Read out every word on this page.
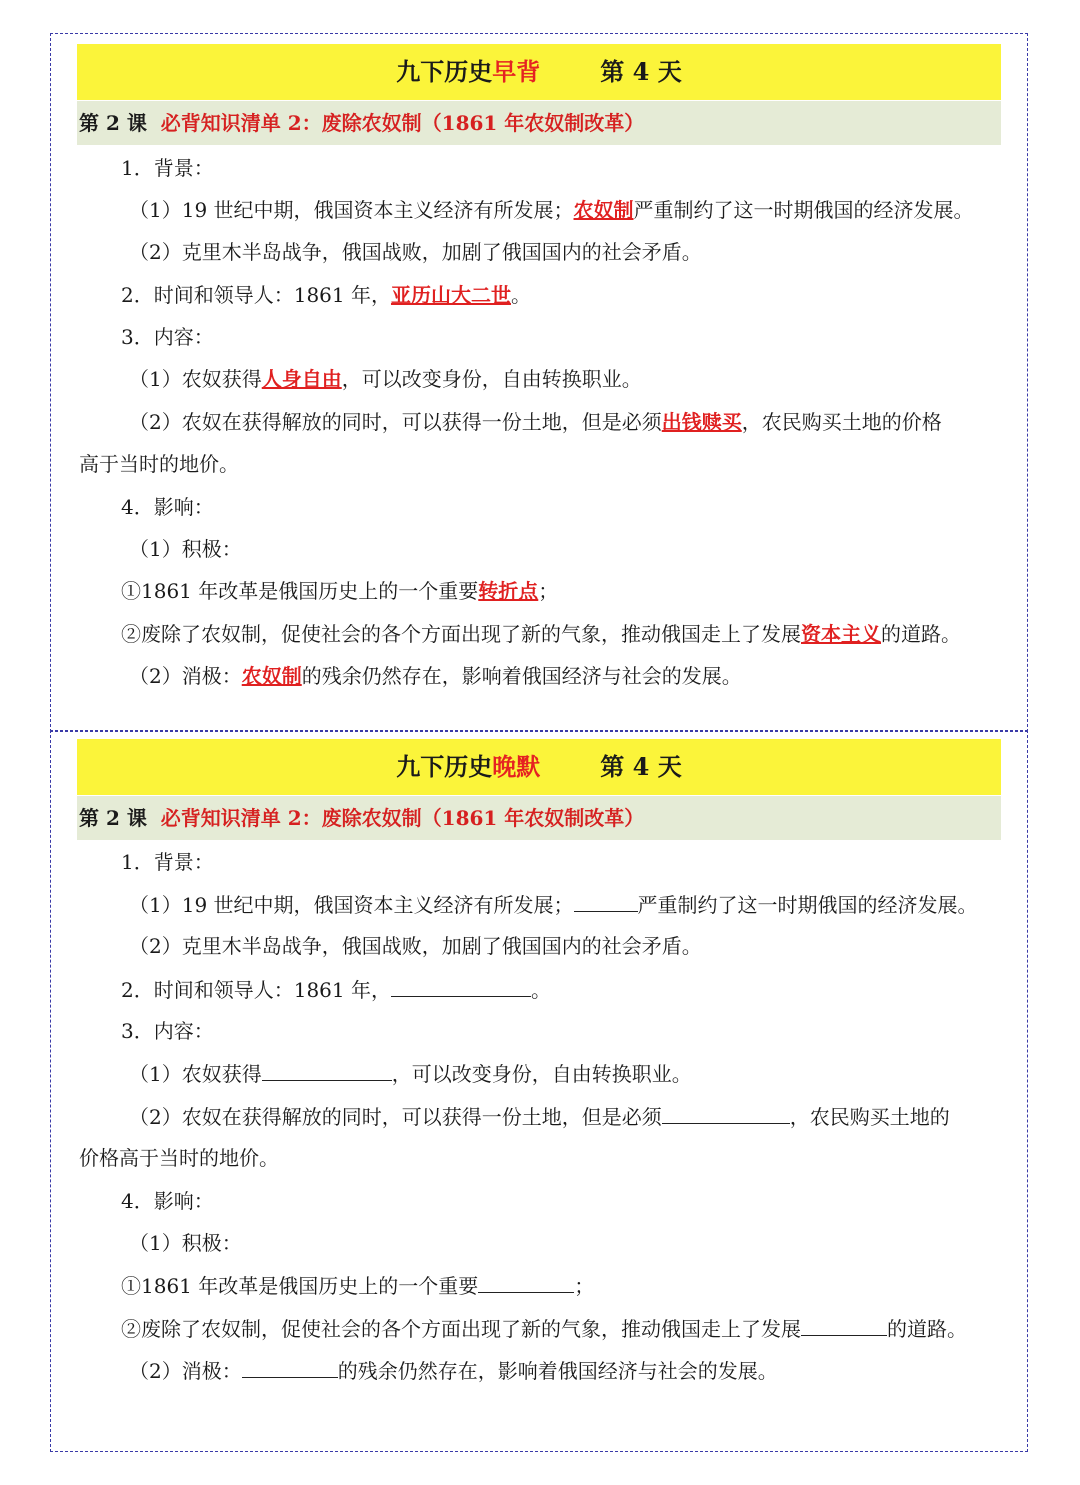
九下历史早背	第 4 天
第 2 课 必背知识清单 2：废除农奴制（1861 年农奴制改革）
1．背景：
（1）19 世纪中期，俄国资本主义经济有所发展；农奴制严重制约了这一时期俄国的经济发展。
（2）克里木半岛战争，俄国战败，加剧了俄国国内的社会矛盾。
2．时间和领导人：1861 年，亚历山大二世。
3．内容：
（1）农奴获得人身自由，可以改变身份，自由转换职业。
（2）农奴在获得解放的同时，可以获得一份土地，但是必须出钱赎买，农民购买土地的价格
高于当时的地价。
4．影响：
（1）积极：
①1861 年改革是俄国历史上的一个重要转折点；
②废除了农奴制，促使社会的各个方面出现了新的气象，推动俄国走上了发展资本主义的道路。
（2）消极：农奴制的残余仍然存在，影响着俄国经济与社会的发展。
九下历史晚默	第 4 天
第 2 课 必背知识清单 2：废除农奴制（1861 年农奴制改革）
1．背景：
（1）19 世纪中期，俄国资本主义经济有所发展；	严重制约了这一时期俄国的经济发展。
（2）克里木半岛战争，俄国战败，加剧了俄国国内的社会矛盾。
2．时间和领导人：1861 年，	。
3．内容：
（1）农奴获得	，可以改变身份，自由转换职业。
（2）农奴在获得解放的同时，可以获得一份土地，但是必须	，农民购买土地的
价格高于当时的地价。
4．影响：
（1）积极：
①1861 年改革是俄国历史上的一个重要	；
②废除了农奴制，促使社会的各个方面出现了新的气象，推动俄国走上了发展	的道路。
（2）消极：	的残余仍然存在，影响着俄国经济与社会的发展。
